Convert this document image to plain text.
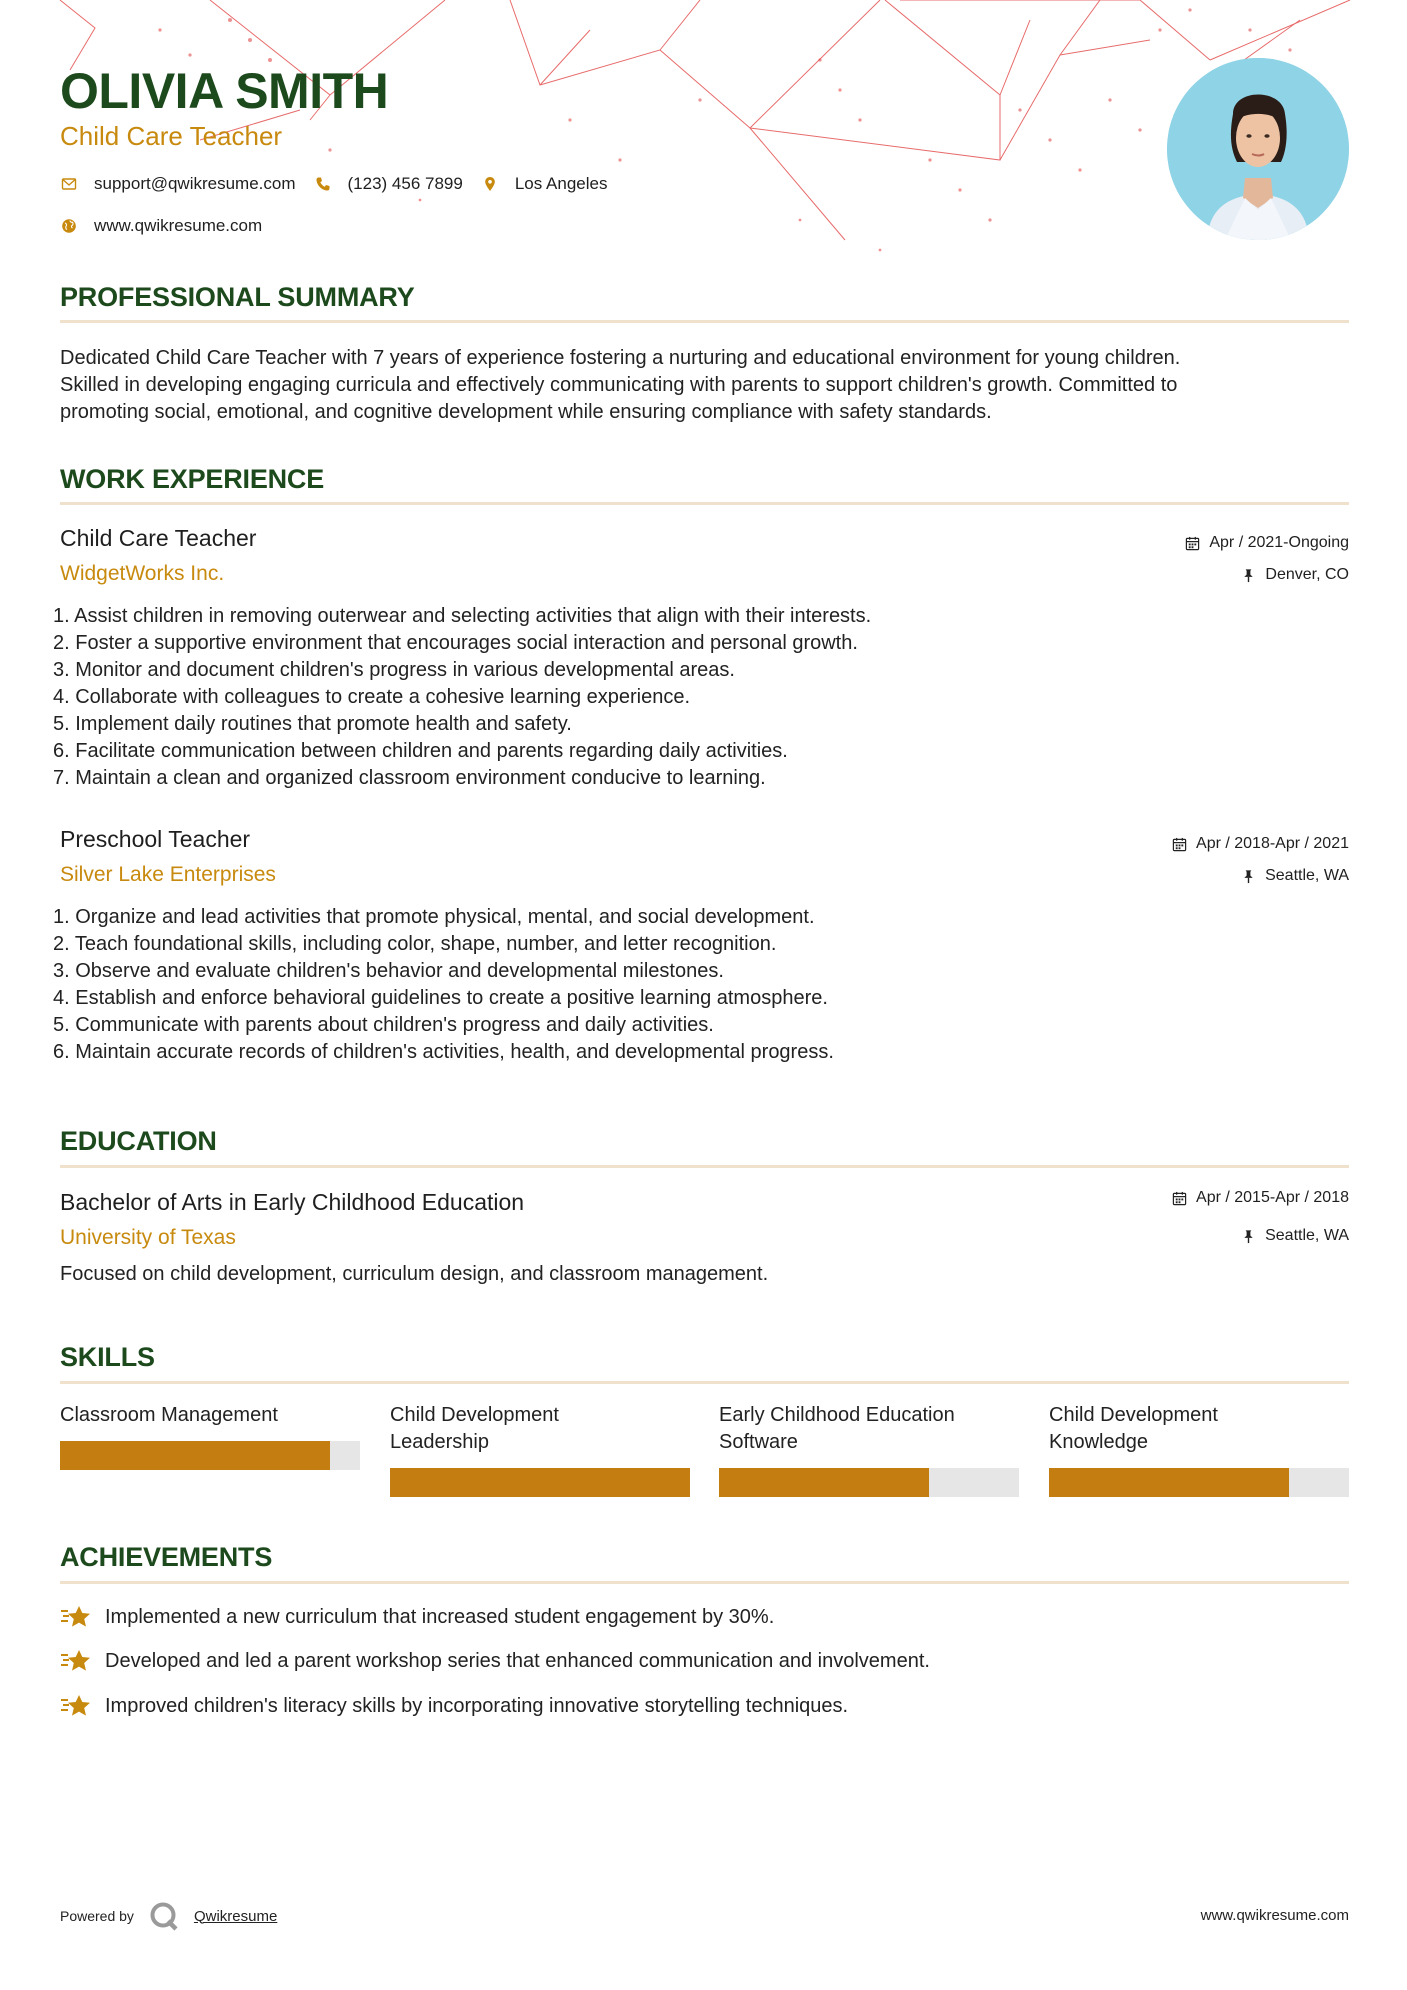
OLIVIA SMITH
Child Care Teacher
support@qwikresume.com	(123) 456 7899	Los Angeles
www.qwikresume.com
PROFESSIONAL SUMMARY
Dedicated Child Care Teacher with 7 years of experience fostering a nurturing and educational environment for young children.
Skilled in developing engaging curricula and effectively communicating with parents to support children's growth. Committed to
promoting social, emotional, and cognitive development while ensuring compliance with safety standards.
WORK EXPERIENCE
Child Care Teacher
WidgetWorks Inc.
Apr / 2021-Ongoing
Denver, CO
1. Assist children in removing outerwear and selecting activities that align with their interests.
2. Foster a supportive environment that encourages social interaction and personal growth.
3. Monitor and document children's progress in various developmental areas.
4. Collaborate with colleagues to create a cohesive learning experience.
5. Implement daily routines that promote health and safety.
6. Facilitate communication between children and parents regarding daily activities.
7. Maintain a clean and organized classroom environment conducive to learning.
Preschool Teacher
Silver Lake Enterprises
Apr / 2018-Apr / 2021
Seattle, WA
1. Organize and lead activities that promote physical, mental, and social development.
2. Teach foundational skills, including color, shape, number, and letter recognition.
3. Observe and evaluate children's behavior and developmental milestones.
4. Establish and enforce behavioral guidelines to create a positive learning atmosphere.
5. Communicate with parents about children's progress and daily activities.
6. Maintain accurate records of children's activities, health, and developmental progress.
EDUCATION
Bachelor of Arts in Early Childhood Education
University of Texas
Apr / 2015-Apr / 2018
Seattle, WA
Focused on child development, curriculum design, and classroom management.
SKILLS
Classroom Management	Child Development
Leadership
Early Childhood Education
Software
Child Development
Knowledge
ACHIEVEMENTS
Implemented a new curriculum that increased student engagement by 30%.
Developed and led a parent workshop series that enhanced communication and involvement.
Improved children's literacy skills by incorporating innovative storytelling techniques.
Powered by	Qwikresume	www.qwikresume.com
